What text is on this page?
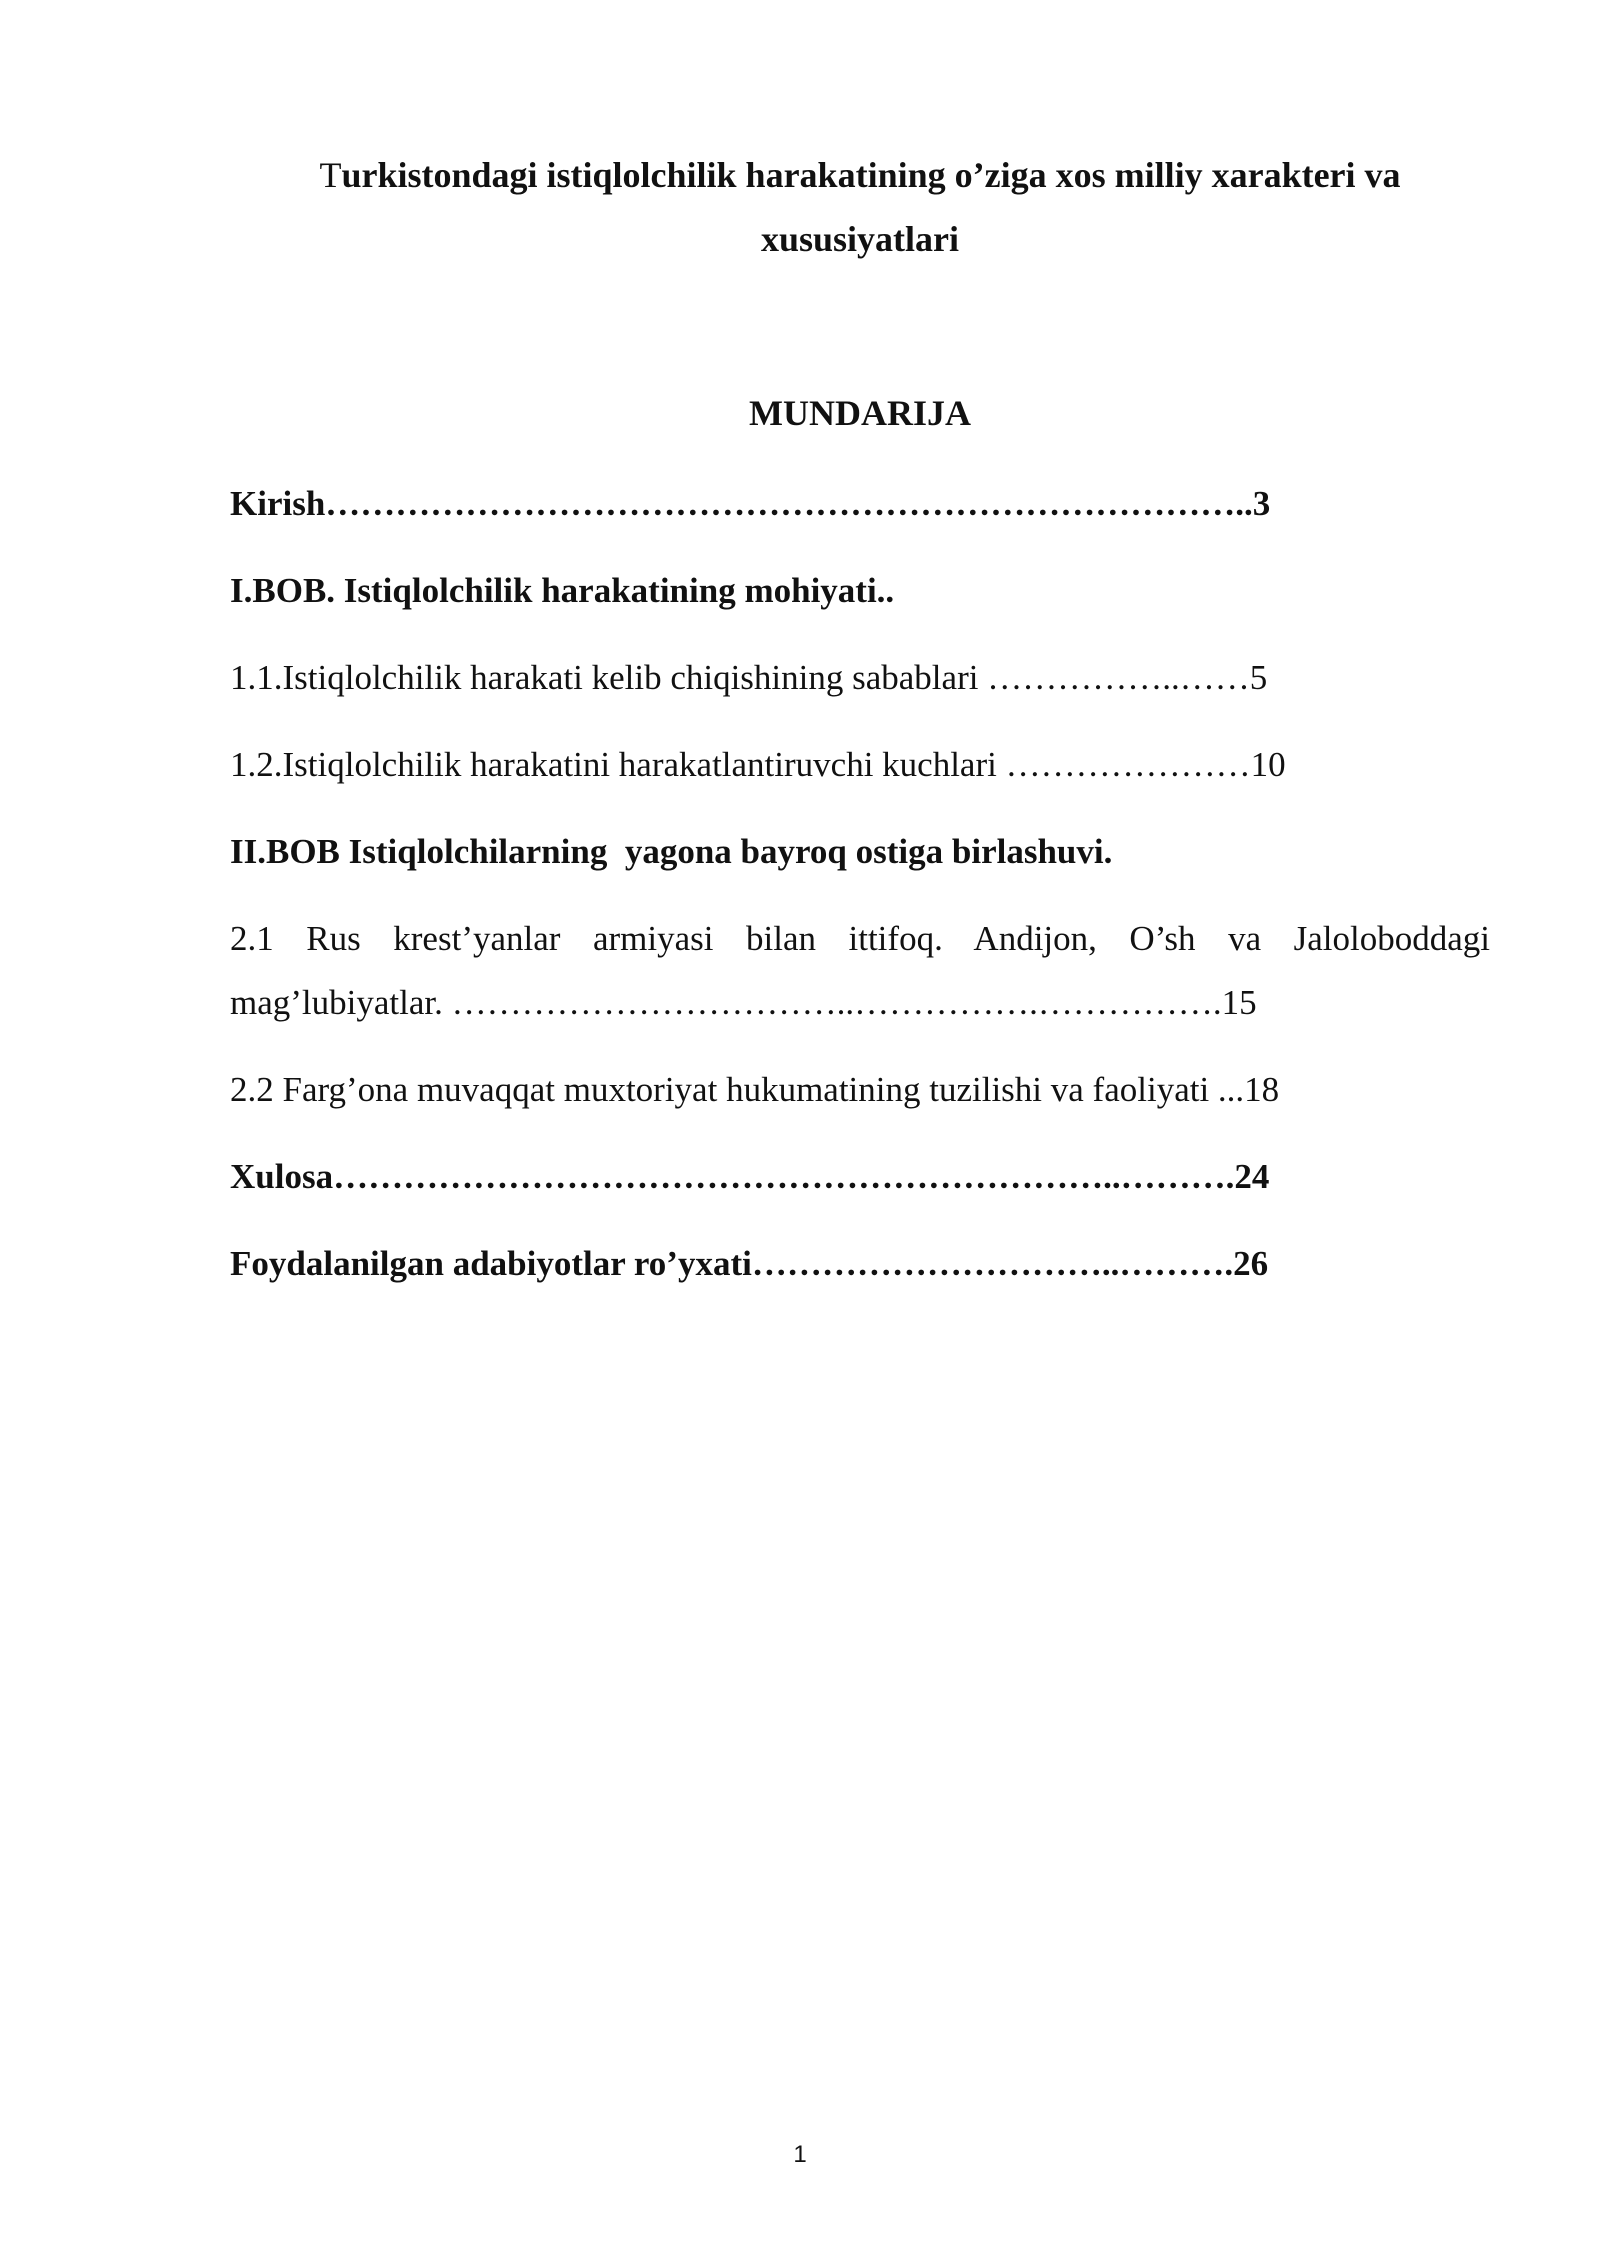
Turkistondagi istiqlolchilik harakatining o’ziga xos milliy xarakteri va xususiyatlari
MUNDARIJA
Kirish……………………………………………………………………..3
I.BOB. Istiqlolchilik harakatining mohiyati..
1.1.Istiqlolchilik harakati kelib chiqishining sabablari ……………..……5
1.2.Istiqlolchilik harakatini harakatlantiruvchi kuchlari …………………10
II.BOB Istiqlolchilarning  yagona bayroq ostiga birlashuvi.
2.1 Rus krest’yanlar armiyasi bilan ittifoq. Andijon, O’sh va Jaloloboddagi mag’lubiyatlar. ……………………………..…………….…………….15
2.2 Farg’ona muvaqqat muxtoriyat hukumatining tuzilishi va faoliyati ...18
Xulosa…………………………………………………………..……….24
Foydalanilgan adabiyotlar ro’yxati…………………………..……….26
1
